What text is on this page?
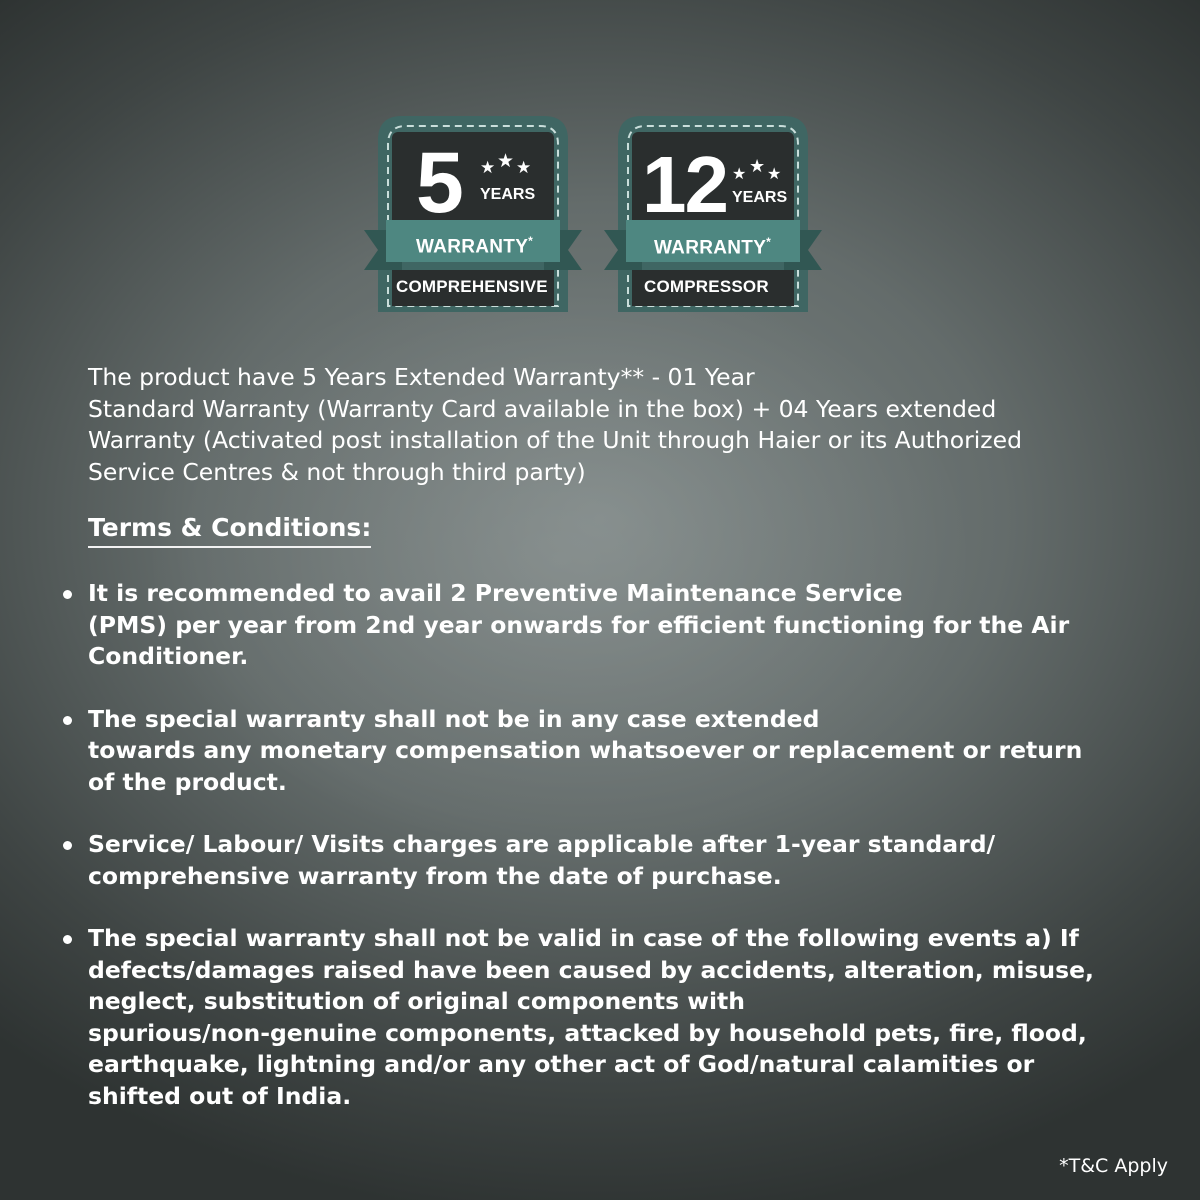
5 ★ ★ ★

YEARS

WARRANTY*

COMPREHENSIVE

12 ★ ★ ★

YEARS

WARRANTY*

COMPRESSOR

The product have 5 Years Extended Warranty** - 01 Year
Standard Warranty (Warranty Card available in the box) + 04 Years extended
Warranty (Activated post installation of the Unit through Haier or its Authorized
Service Centres & not through third party)

Terms & Conditions:
It is recommended to avail 2 Preventive Maintenance Service
(PMS) per year from 2nd year onwards for efficient functioning for the Air
Conditioner.
The special warranty shall not be in any case extended
towards any monetary compensation whatsoever or replacement or return
of the product.
Service/ Labour/ Visits charges are applicable after 1-year standard/
comprehensive warranty from the date of purchase.
The special warranty shall not be valid in case of the following events a) If
defects/damages raised have been caused by accidents, alteration, misuse,
neglect, substitution of original components with
spurious/non-genuine components, attacked by household pets, fire, flood,
earthquake, lightning and/or any other act of God/natural calamities or
shifted out of India.

*T&C Apply
